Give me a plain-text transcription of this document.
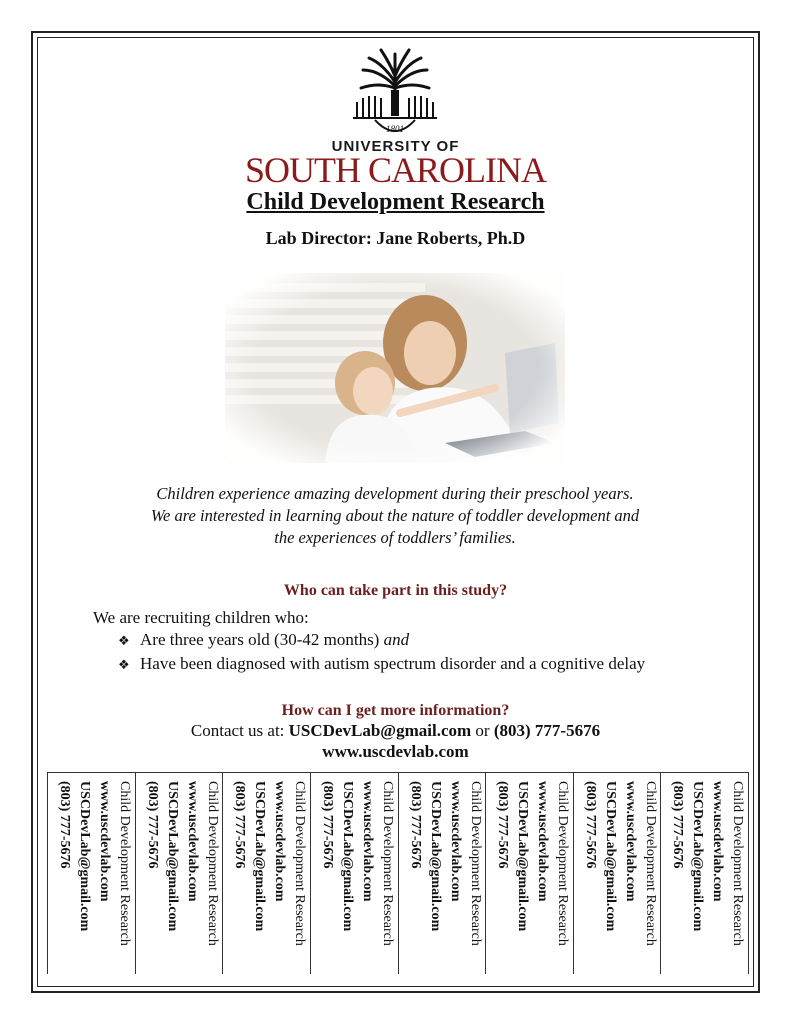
1801
UNIVERSITY OF
SOUTH CAROLINA
Child Development Research
Lab Director: Jane Roberts, Ph.D
Children experience amazing development during their preschool years.
We are interested in learning about the nature of toddler development and
the experiences of toddlers’ families.
Who can take part in this study?
We are recruiting children who:
❖ Are three years old (30-42 months) and
❖ Have been diagnosed with autism spectrum disorder and a cognitive delay
How can I get more information?
Contact us at: USCDevLab@gmail.com or (803) 777-5676
www.uscdevlab.com
Child Development Research
www.uscdevlab.com
USCDevLab@gmail.com
(803) 777-5676	Child Development Research
www.uscdevlab.com
USCDevLab@gmail.com
(803) 777-5676	Child Development Research
www.uscdevlab.com
USCDevLab@gmail.com
(803) 777-5676	Child Development Research
www.uscdevlab.com
USCDevLab@gmail.com
(803) 777-5676	Child Development Research
www.uscdevlab.com
USCDevLab@gmail.com
(803) 777-5676	Child Development Research
www.uscdevlab.com
USCDevLab@gmail.com
(803) 777-5676	Child Development Research
www.uscdevlab.com
USCDevLab@gmail.com
(803) 777-5676	Child Development Research
www.uscdevlab.com
USCDevLab@gmail.com
(803) 777-5676
